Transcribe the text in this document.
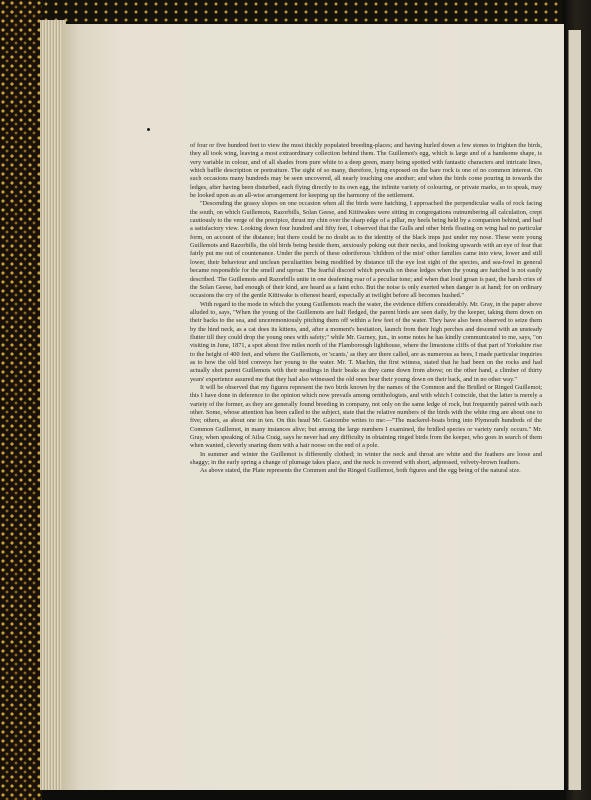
of four or five hundred feet to view the most thickly populated breeding-places; and having hurled down a few stones to frighten the birds, they all took wing, leaving a most extraordinary collection behind them. The Guillemot's egg, which is large and of a handsome shape, is very variable in colour, and of all shades from pure white to a deep green, many being spotted with fantastic characters and intricate lines, which baffle description or portraiture. The sight of so many, therefore, lying exposed on the bare rock is one of no common interest. On such occasions many hundreds may be seen uncovered, all nearly touching one another; and when the birds come pouring in towards the ledges, after having been disturbed, each flying directly to its own egg, the infinite variety of colouring, or private marks, so to speak, may be looked upon as an all-wise arrangement for keeping up the harmony of the settlement.

"Descending the grassy slopes on one occasion when all the birds were hatching, I approached the perpendicular walls of rock facing the south, on which Guillemots, Razorbills, Solan Geese, and Kittiwakes were sitting in congregations outnumbering all calculation, crept cautiously to the verge of the precipice, thrust my chin over the sharp edge of a pillar, my heels being held by a companion behind, and had a satisfactory view. Looking down four hundred and fifty feet, I observed that the Gulls and other birds floating on wing had no particular form, on account of the distance; but there could be no doubt as to the identity of the black imps just under my nose. These were young Guillemots and Razorbills, the old birds being beside them, anxiously poking out their necks, and looking upwards with an eye of fear that fairly put me out of countenance. Under the perch of these odoriferous 'children of the mist' other families came into view, lower and still lower, their behaviour and unclean peculiarities being modified by distance till the eye lost sight of the species, and sea-fowl in general became responsible for the smell and uproar. The fearful discord which prevails on these ledges when the young are hatched is not easily described. The Guillemots and Razorbills unite in one deafening roar of a peculiar tone; and when that loud groan is past, the harsh cries of the Solan Geese, bad enough of their kind, are heard as a faint echo. But the noise is only exerted when danger is at hand; for on ordinary occasions the cry of the gentle Kittiwake is oftenest heard, especially at twilight before all becomes hushed."

With regard to the mode in which the young Guillemots reach the water, the evidence differs considerably. Mr. Gray, in the paper above alluded to, says, "When the young of the Guillemots are half fledged, the parent birds are seen daily, by the keeper, taking them down on their backs to the sea, and unceremoniously pitching them off within a few feet of the water. They have also been observed to seize them by the hind neck, as a cat does its kittens, and, after a moment's hesitation, launch from their high perches and descend with an unsteady flutter till they could drop the young ones with safety;" while Mr. Gurney, jun., in some notes he has kindly communicated to me, says, "on visiting in June, 1871, a spot about five miles north of the Flamborough lighthouse, where the limestone cliffs of that part of Yorkshire rise to the height of 400 feet, and where the Guillemots, or 'scants,' as they are there called, are as numerous as bees, I made particular inquiries as to how the old bird conveys her young to the water. Mr. T. Machin, the first witness, stated that he had been on the rocks and had actually shot parent Guillemots with their nestlings in their beaks as they came down from above; on the other hand, a climber of thirty years' experience assured me that they had also witnessed the old ones bear their young down on their back, and in no other way."

It will be observed that my figures represent the two birds known by the names of the Common and the Bridled or Ringed Guillemot; this I have done in deference to the opinion which now prevails among ornithologists, and with which I coincide, that the latter is merely a variety of the former, as they are generally found breeding in company, not only on the same ledge of rock, but frequently paired with each other. Some, whose attention has been called to the subject, state that the relative numbers of the birds with the white ring are about one to five; others, as about one in ten. On this head Mr. Gatcombe writes to me:—"The mackerel-boats bring into Plymouth hundreds of the Common Guillemot, in many instances alive; but among the large numbers I examined, the bridled species or variety rarely occurs." Mr. Gray, when speaking of Ailsa Craig, says he never had any difficulty in obtaining ringed birds from the keeper, who goes in search of them when wanted, cleverly snaring them with a hair noose on the end of a pole.

In summer and winter the Guillemot is differently clothed; in winter the neck and throat are white and the feathers are loose and shaggy; in the early spring a change of plumage takes place, and the neck is covered with short, adpressed, velvety-brown feathers.

As above stated, the Plate represents the Common and the Ringed Guillemot, both figures and the egg being of the natural size.
